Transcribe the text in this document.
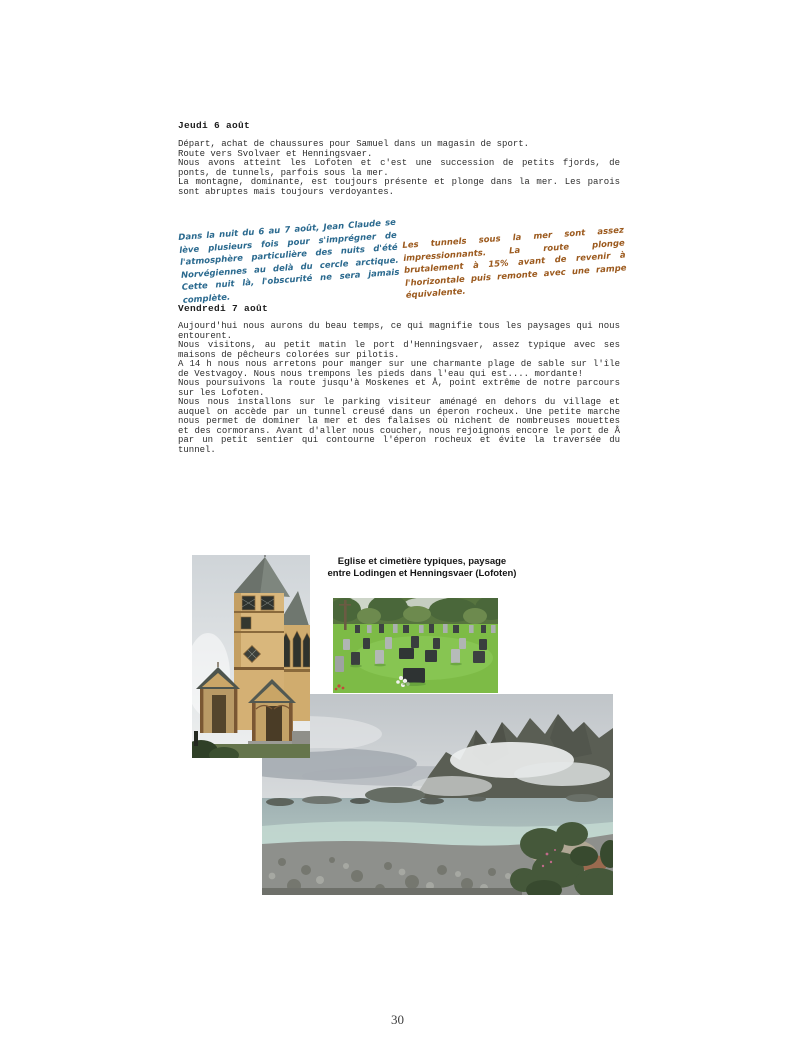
Jeudi 6 août

Départ, achat de chaussures pour Samuel dans un magasin de sport.

Route vers Svolvaer et Henningsvaer.

Nous avons atteint les Lofoten et c'est une succession de petits fjords, de ponts, de tunnels, parfois sous la mer.

La montagne, dominante, est toujours présente et plonge dans la mer. Les parois sont abruptes mais toujours verdoyantes.

Dans la nuit du 6 au 7 août, Jean Claude se lève plusieurs fois pour s'imprégner de l'atmosphère particulière des nuits d'été Norvégiennes au delà du cercle arctique. Cette nuit là, l'obscurité ne sera jamais complète.
Les tunnels sous la mer sont assez impressionnants. La route plonge brutalement à 15% avant de revenir à l'horizontale puis remonte avec une rampe équivalente.
Vendredi 7 août

Aujourd'hui nous aurons du beau temps, ce qui magnifie tous les paysages qui nous entourent.

Nous visitons, au petit matin le port d'Henningsvaer, assez typique avec ses maisons de pêcheurs colorées sur pilotis.

A 14 h nous nous arretons pour manger sur une charmante plage de sable sur l'île de Vestvagoy. Nous nous trempons les pieds dans l'eau qui est.... mordante!

Nous poursuivons la route jusqu'à Moskenes et Å, point extrême de notre parcours sur les Lofoten.

Nous nous installons sur le parking visiteur aménagé en dehors du village et auquel on accède par un tunnel creusé dans un éperon rocheux. Une petite marche nous permet de dominer la mer et des falaises où nichent de nombreuses mouettes et des cormorans. Avant d'aller nous coucher, nous rejoignons encore le port de Å par un petit sentier qui contourne l'éperon rocheux et évite la traversée du tunnel.

Eglise et cimetière typiques, paysage
entre Lodingen et Henningsvaer (Lofoten)
30
